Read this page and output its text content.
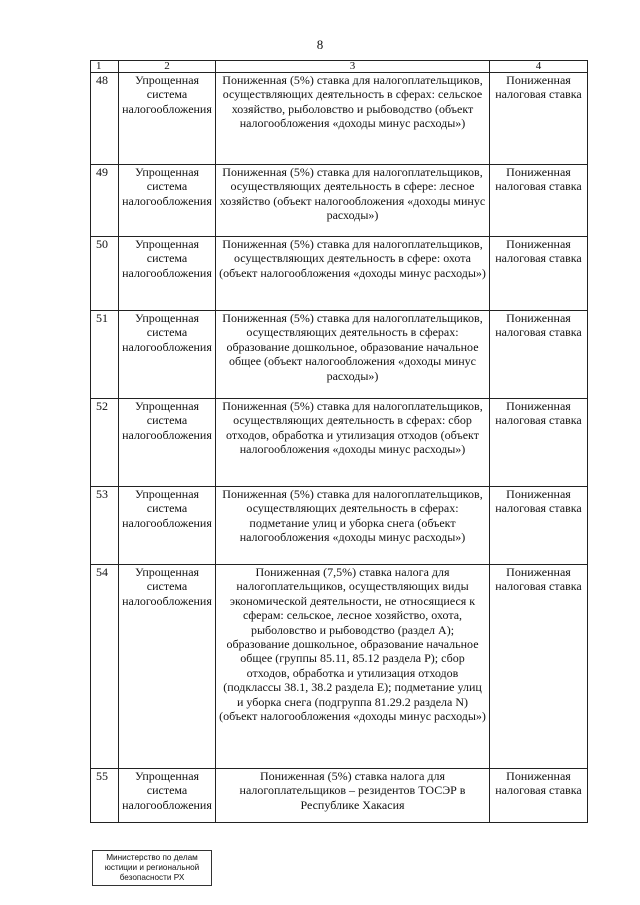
8
1	2	3	4
48	Упрощенная система налогообложения	Пониженная (5%) ставка для налогоплательщиков, осуществляющих деятельность в сферах: сельское хозяйство, рыболовство и рыбоводство (объект налогообложения «доходы минус расходы»)	Пониженная налоговая ставка
49	Упрощенная система налогообложения	Пониженная (5%) ставка для налогоплательщиков, осуществляющих деятельность в сфере: лесное хозяйство (объект налогообложения «доходы минус расходы»)	Пониженная налоговая ставка
50	Упрощенная система налогообложения	Пониженная (5%) ставка для налогоплательщиков, осуществляющих деятельность в сфере: охота (объект налогообложения «доходы минус расходы»)	Пониженная налоговая ставка
51	Упрощенная система налогообложения	Пониженная (5%) ставка для налогоплательщиков, осуществляющих деятельность в сферах: образование дошкольное, образование начальное общее (объект налогообложения «доходы минус расходы»)	Пониженная налоговая ставка
52	Упрощенная система налогообложения	Пониженная (5%) ставка для налогоплательщиков, осуществляющих деятельность в сферах: сбор отходов, обработка и утилизация отходов (объект налогообложения «доходы минус расходы»)	Пониженная налоговая ставка
53	Упрощенная система налогообложения	Пониженная (5%) ставка для налогоплательщиков, осуществляющих деятельность в сферах: подметание улиц и уборка снега (объект налогообложения «доходы минус расходы»)	Пониженная налоговая ставка
54	Упрощенная система налогообложения	Пониженная (7,5%) ставка налога для налогоплательщиков, осуществляющих виды экономической деятельности, не относящиеся к сферам: сельское, лесное хозяйство, охота, рыболовство и рыбоводство (раздел A); образование дошкольное, образование начальное общее (группы 85.11, 85.12 раздела P); сбор отходов, обработка и утилизация отходов (подклассы 38.1, 38.2 раздела E); подметание улиц и уборка снега (подгруппа 81.29.2 раздела N) (объект налогообложения «доходы минус расходы»)	Пониженная налоговая ставка
55	Упрощенная система налогообложения	Пониженная (5%) ставка налога для налогоплательщиков – резидентов ТОСЭР в Республике Хакасия	Пониженная налоговая ставка
Министерство по делам юстиции и региональной безопасности РХ
